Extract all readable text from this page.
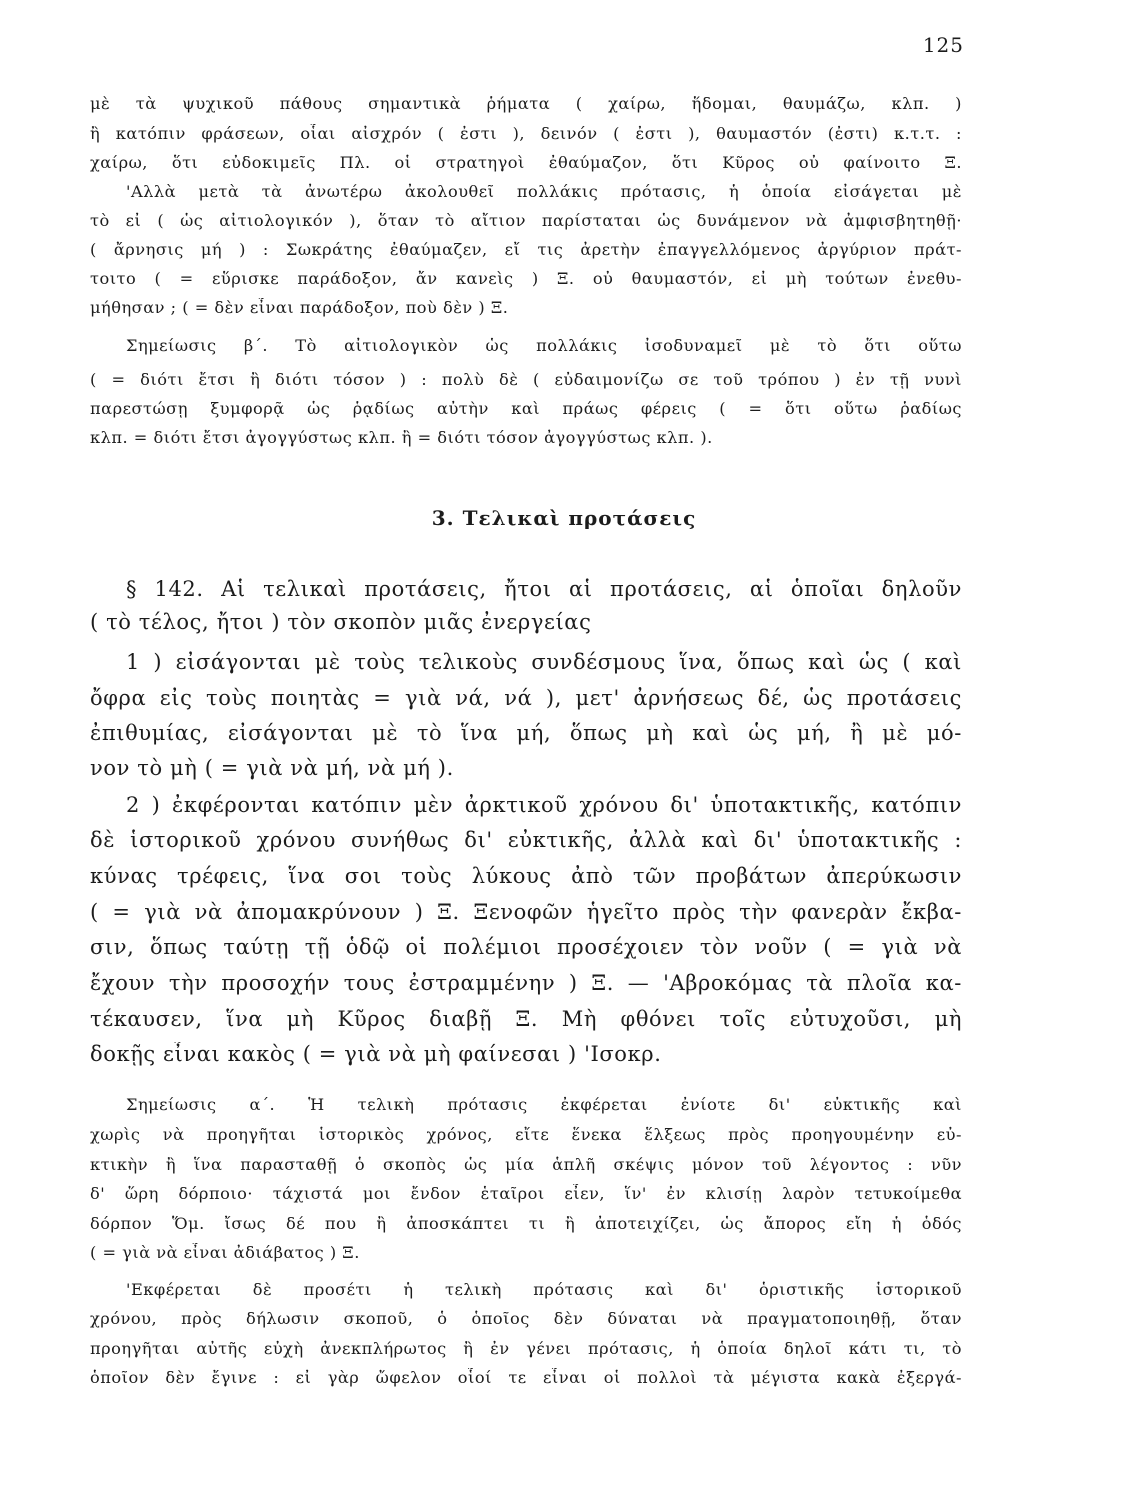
125
μὲ τὰ ψυχικοῦ πάθους σημαντικὰ ῥήματα ( χαίρω, ἥδομαι, θαυμάζω, κλπ. )
ἢ κατόπιν φράσεων, οἷαι αἰσχρόν ( ἐστι ), δεινόν ( ἐστι ), θαυμαστόν (ἐστι) κ.τ.τ. :
χαίρω, ὅτι εὐδοκιμεῖς Πλ. οἱ στρατηγοὶ ἐθαύμαζον, ὅτι Κῦρος οὐ φαίνοιτο Ξ.
'Αλλὰ μετὰ τὰ ἀνωτέρω ἀκολουθεῖ πολλάκις πρότασις, ἡ ὁποία εἰσάγεται μὲ
τὸ εἰ ( ὡς αἰτιολογικόν ), ὅταν τὸ αἴτιον παρίσταται ὡς δυνάμενον νὰ ἀμφισβητηθῇ·
( ἄρνησις μή ) : Σωκράτης ἐθαύμαζεν, εἴ τις ἀρετὴν ἐπαγγελλόμενος ἀργύριον πράτ-
τοιτο ( = εὕρισκε παράδοξον, ἄν κανεὶς ) Ξ. οὐ θαυμαστόν, εἰ μὴ τούτων ἐνεθυ-
μήθησαν ; ( = δὲν εἶναι παράδοξον, ποὺ δὲν ) Ξ.
Σημείωσις β΄. Τὸ αἰτιολογικὸν ὡς πολλάκις ἰσοδυναμεῖ μὲ τὸ ὅτι οὕτω
( = διότι ἔτσι ἢ διότι τόσον ) : πολὺ δὲ ( εὐδαιμονίζω σε τοῦ τρόπου ) ἐν τῇ νυνὶ
παρεστώσῃ ξυμφορᾷ ὡς ῥᾳδίως αὐτὴν καὶ πράως φέρεις ( = ὅτι οὕτω ῥαδίως
κλπ. = διότι ἔτσι ἀγογγύστως κλπ. ἢ = διότι τόσον ἀγογγύστως κλπ. ).
3. Τελικαὶ προτάσεις
§ 142. Αἱ τελικαὶ προτάσεις, ἤτοι αἱ προτάσεις, αἱ ὁποῖαι δηλοῦν
( τὸ τέλος, ἤτοι ) τὸν σκοπὸν μιᾶς ἐνεργείας
1 ) εἰσάγονται μὲ τοὺς τελικοὺς συνδέσμους ἵνα, ὅπως καὶ ὡς ( καὶ
ὄφρα εἰς τοὺς ποιητὰς = γιὰ νά, νά ), μετ' ἀρνήσεως δέ, ὡς προτάσεις
ἐπιθυμίας, εἰσάγονται μὲ τὸ ἵνα μή, ὅπως μὴ καὶ ὡς μή, ἢ μὲ μό-
νον τὸ μὴ ( = γιὰ νὰ μή, νὰ μή ).
2 ) ἐκφέρονται κατόπιν μὲν ἀρκτικοῦ χρόνου δι' ὑποτακτικῆς, κατόπιν
δὲ ἱστορικοῦ χρόνου συνήθως δι' εὐκτικῆς, ἀλλὰ καὶ δι' ὑποτακτικῆς :
κύνας τρέφεις, ἵνα σοι τοὺς λύκους ἀπὸ τῶν προβάτων ἀπερύκωσιν
( = γιὰ νὰ ἀπομακρύνουν ) Ξ. Ξενοφῶν ἡγεῖτο πρὸς τὴν φανερὰν ἔκβα-
σιν, ὅπως ταύτῃ τῇ ὁδῷ οἱ πολέμιοι προσέχοιεν τὸν νοῦν ( = γιὰ νὰ
ἔχουν τὴν προσοχήν τους ἐστραμμένην ) Ξ. — 'Αβροκόμας τὰ πλοῖα κα-
τέκαυσεν, ἵνα μὴ Κῦρος διαβῇ Ξ. Μὴ φθόνει τοῖς εὐτυχοῦσι, μὴ
δοκῇς εἶναι κακὸς ( = γιὰ νὰ μὴ φαίνεσαι ) 'Ισοκρ.
Σημείωσις α΄. Ἡ τελικὴ πρότασις ἐκφέρεται ἐνίοτε δι' εὐκτικῆς καὶ
χωρὶς νὰ προηγῆται ἱστορικὸς χρόνος, εἴτε ἕνεκα ἕλξεως πρὸς προηγουμένην εὐ-
κτικὴν ἢ ἵνα παρασταθῇ ὁ σκοπὸς ὡς μία ἁπλῆ σκέψις μόνον τοῦ λέγοντος : νῦν
δ' ὥρη δόρποιο· τάχιστά μοι ἔνδον ἑταῖροι εἶεν, ἵν' ἐν κλισίῃ λαρὸν τετυκοίμεθα
δόρπον Ὅμ. ἴσως δέ που ἢ ἀποσκάπτει τι ἢ ἀποτειχίζει, ὡς ἄπορος εἴη ἡ ὁδός
( = γιὰ νὰ εἶναι ἀδιάβατος ) Ξ.
'Εκφέρεται δὲ προσέτι ἡ τελικὴ πρότασις καὶ δι' ὁριστικῆς ἱστορικοῦ
χρόνου, πρὸς δήλωσιν σκοποῦ, ὁ ὁποῖος δὲν δύναται νὰ πραγματοποιηθῇ, ὅταν
προηγῆται αὐτῆς εὐχὴ ἀνεκπλήρωτος ἢ ἐν γένει πρότασις, ἡ ὁποία δηλοῖ κάτι τι, τὸ
ὁποῖον δὲν ἔγινε : εἰ γὰρ ὤφελον οἷοί τε εἶναι οἱ πολλοὶ τὰ μέγιστα κακὰ ἐξεργά-
